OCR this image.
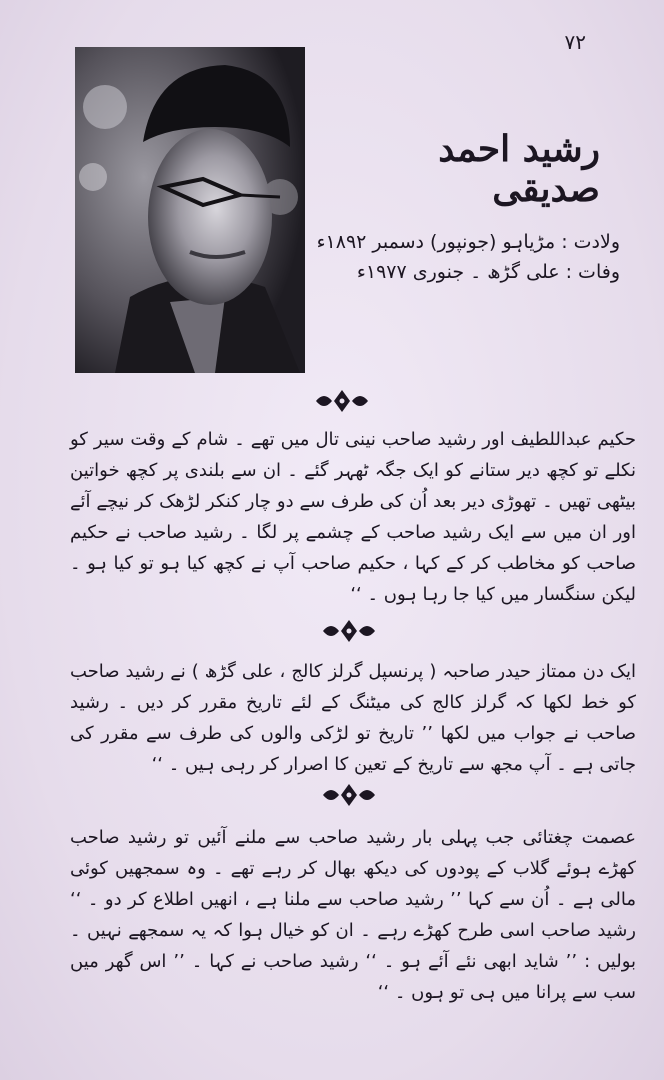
۷۲
رشید احمد صدیقی
ولادت : مڑیاہو (جونپور) دسمبر ۱۸۹۲ء
وفات : علی گڑھ ۔ جنوری ۱۹۷۷ء

حکیم عبداللطیف اور رشید صاحب نینی تال میں تھے ۔ شام کے وقت سیر کو نکلے تو کچھ دیر ستانے کو ایک جگہ ٹھہر گئے ۔ ان سے بلندی پر کچھ خواتین بیٹھی تھیں ۔ تھوڑی دیر بعد اُن کی طرف سے دو چار کنکر لڑھک کر نیچے آئے اور ان میں سے ایک رشید صاحب کے چشمے پر لگا ۔ رشید صاحب نے حکیم صاحب کو مخاطب کر کے کہا ، حکیم صاحب آپ نے کچھ کیا ہو تو کیا ہو ۔ لیکن سنگسار میں کیا جا رہا ہوں ۔ ‘‘

ایک دن ممتاز حیدر صاحبہ ( پرنسپل گرلز کالج ، علی گڑھ ) نے رشید صاحب کو خط لکھا کہ گرلز کالج کی میٹنگ کے لئے تاریخ مقرر کر دیں ۔ رشید صاحب نے جواب میں لکھا ’’ تاریخ تو لڑکی والوں کی طرف سے مقرر کی جاتی ہے ۔ آپ مجھ سے تاریخ کے تعین کا اصرار کر رہی ہیں ۔ ‘‘

عصمت چغتائی جب پہلی بار رشید صاحب سے ملنے آئیں تو رشید صاحب کھڑے ہوئے گلاب کے پودوں کی دیکھ بھال کر رہے تھے ۔ وہ سمجھیں کوئی مالی ہے ۔ اُن سے کہا ’’ رشید صاحب سے ملنا ہے ، انھیں اطلاع کر دو ۔ ‘‘ رشید صاحب اسی طرح کھڑے رہے ۔ ان کو خیال ہوا کہ یہ سمجھے نہیں ۔ بولیں : ’’ شاید ابھی نئے آئے ہو ۔ ‘‘ رشید صاحب نے کہا ۔ ’’ اس گھر میں سب سے پرانا میں ہی تو ہوں ۔ ‘‘
